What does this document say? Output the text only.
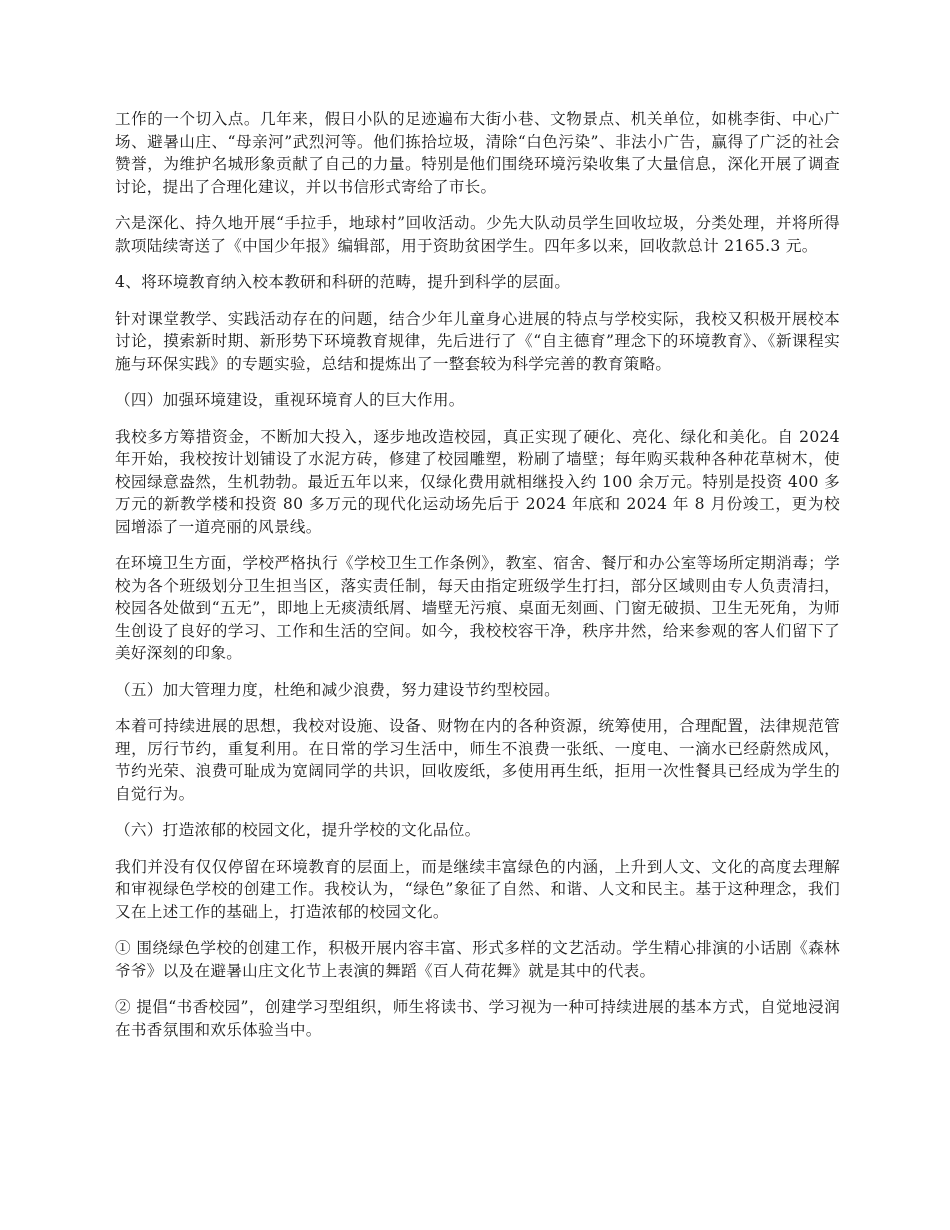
工作的一个切入点。几年来，假日小队的足迹遍布大街小巷、文物景点、机关单位，如桃李街、中心广场、避暑山庄、“母亲河”武烈河等。他们拣拾垃圾，清除“白色污染”、非法小广告，赢得了广泛的社会赞誉，为维护名城形象贡献了自己的力量。特别是他们围绕环境污染收集了大量信息，深化开展了调查讨论，提出了合理化建议，并以书信形式寄给了市长。

六是深化、持久地开展“手拉手，地球村”回收活动。少先大队动员学生回收垃圾，分类处理，并将所得款项陆续寄送了《中国少年报》编辑部，用于资助贫困学生。四年多以来，回收款总计 2165.3 元。

4、将环境教育纳入校本教研和科研的范畴，提升到科学的层面。

针对课堂教学、实践活动存在的问题，结合少年儿童身心进展的特点与学校实际，我校又积极开展校本讨论，摸索新时期、新形势下环境教育规律，先后进行了《“自主德育”理念下的环境教育》、《新课程实施与环保实践》的专题实验，总结和提炼出了一整套较为科学完善的教育策略。

（四）加强环境建设，重视环境育人的巨大作用。

我校多方筹措资金，不断加大投入，逐步地改造校园，真正实现了硬化、亮化、绿化和美化。自 2024 年开始，我校按计划铺设了水泥方砖，修建了校园雕塑，粉刷了墙壁；每年购买栽种各种花草树木，使校园绿意盎然，生机勃勃。最近五年以来，仅绿化费用就相继投入约 100 余万元。特别是投资 400 多万元的新教学楼和投资 80 多万元的现代化运动场先后于 2024 年底和 2024 年 8 月份竣工，更为校园增添了一道亮丽的风景线。

在环境卫生方面，学校严格执行《学校卫生工作条例》，教室、宿舍、餐厅和办公室等场所定期消毒；学校为各个班级划分卫生担当区，落实责任制，每天由指定班级学生打扫，部分区域则由专人负责清扫，校园各处做到“五无”，即地上无痰渍纸屑、墙壁无污痕、桌面无刻画、门窗无破损、卫生无死角，为师生创设了良好的学习、工作和生活的空间。如今，我校校容干净，秩序井然，给来参观的客人们留下了美好深刻的印象。

（五）加大管理力度，杜绝和减少浪费，努力建设节约型校园。

本着可持续进展的思想，我校对设施、设备、财物在内的各种资源，统筹使用，合理配置，法律规范管理，厉行节约，重复利用。在日常的学习生活中，师生不浪费一张纸、一度电、一滴水已经蔚然成风，节约光荣、浪费可耻成为宽阔同学的共识，回收废纸，多使用再生纸，拒用一次性餐具已经成为学生的自觉行为。

（六）打造浓郁的校园文化，提升学校的文化品位。

我们并没有仅仅停留在环境教育的层面上，而是继续丰富绿色的内涵，上升到人文、文化的高度去理解和审视绿色学校的创建工作。我校认为，“绿色”象征了自然、和谐、人文和民主。基于这种理念，我们又在上述工作的基础上，打造浓郁的校园文化。

① 围绕绿色学校的创建工作，积极开展内容丰富、形式多样的文艺活动。学生精心排演的小话剧《森林爷爷》以及在避暑山庄文化节上表演的舞蹈《百人荷花舞》就是其中的代表。

② 提倡“书香校园”，创建学习型组织，师生将读书、学习视为一种可持续进展的基本方式，自觉地浸润在书香氛围和欢乐体验当中。
